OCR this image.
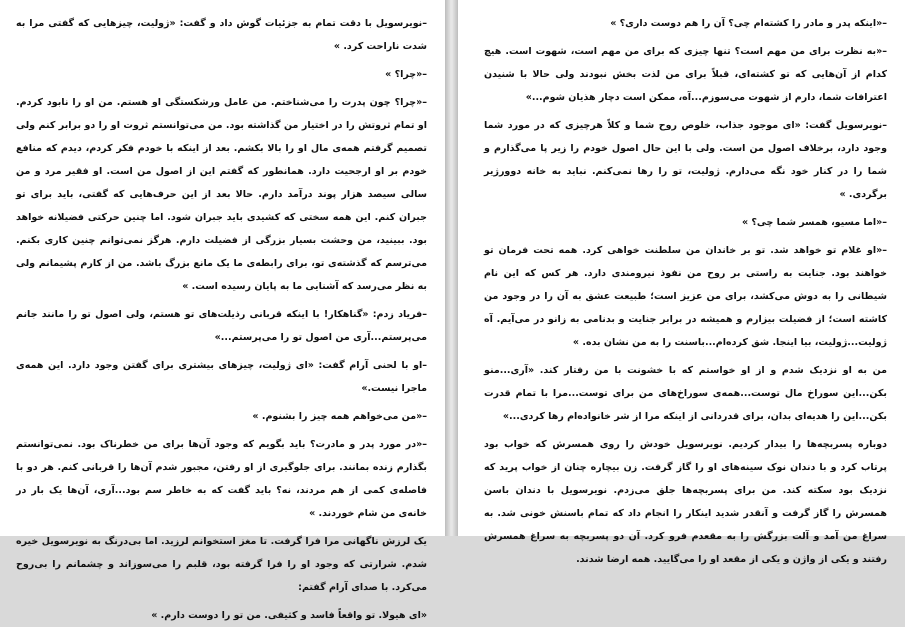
–نویرسویل با دقت تمام به جزئیات گوش داد و گفت: «ژولیت، چیزهایی که گفتی مرا به شدت ناراحت کرد. »

–«چرا؟ »

–«چرا؟ چون پدرت را می‌شناختم. من عامل ورشکستگی او هستم. من او را نابود کردم. او تمام ثروتش را در اختیار من گذاشته بود. من می‌توانستم ثروت او را دو برابر کنم ولی تصمیم گرفتم همه‌ی مال او را بالا بکشم. بعد از اینکه با خودم فکر کردم، دیدم که منافع خودم بر او ارجحیت دارد. همانطور که گفتم این از اصول من است. او فقیر مرد و من سالی سیصد هزار پوند درآمد دارم. حالا بعد از این حرف‌هایی که گفتی، باید برای تو جبران کنم. این همه سختی که کشیدی باید جبران شود. اما چنین حرکتی فضیلانه خواهد بود. ببینید، من وحشت بسیار بزرگی از فضیلت دارم. هرگز نمی‌توانم چنین کاری بکنم. می‌ترسم که گذشته‌ی تو، برای رابطه‌ی ما یک مانع بزرگ باشد. من از کارم پشیمانم ولی به نظر می‌رسد که آشنایی ما به پایان رسیده است. »

–فریاد زدم: «گناهکار! با اینکه قربانی رذیلت‌های تو هستم، ولی اصول تو را مانند جانم می‌پرستم...آری من اصول تو را می‌پرستم...»

–او با لحنی آرام گفت: «ای ژولیت، چیزهای بیشتری برای گفتن وجود دارد. این همه‌ی ماجرا نیست.»

–«من می‌خواهم همه چیز را بشنوم. »

–«در مورد پدر و مادرت؟ باید بگویم که وجود آن‌ها برای من خطرناک بود. نمی‌توانستم بگذارم زنده بمانند. برای جلوگیری از او رفتن، مجبور شدم آن‌ها را قربانی کنم. هر دو با فاصله‌ی کمی از هم مردند، نه؟ باید گفت که به خاطر سم بود...آری، آن‌ها یک بار در خانه‌ی من شام خوردند. »

یک لرزش ناگهانی مرا فرا گرفت. تا مغز استخوانم لرزید. اما بی‌درنگ به نویرسویل خیره شدم. شرارتی که وجود او را فرا گرفته بود، قلبم را می‌سوزاند و چشمانم را بی‌روح می‌کرد. با صدای آرام گفتم:

«ای هیولا. تو واقعاً فاسد و کثیفی. من تو را دوست دارم. »

–«اینکه پدر و مادر را کشته‌ام چی؟ آن را هم دوست داری؟ »

–«به نظرت برای من مهم است؟ تنها چیزی که برای من مهم است، شهوت است. هیچ کدام از آن‌هایی که تو کشته‌ای، قبلاً برای من لذت بخش نبودند ولی حالا با شنیدن اعترافات شما، دارم از شهوت می‌سوزم...آه، ممکن است دچار هذیان شوم...»

–نویرسویل گفت: «ای موجود جذاب، خلوص روح شما و کلاً هرچیزی که در مورد شما وجود دارد، برخلاف اصول من است. ولی با این حال اصول خودم را زیر پا می‌گذارم و شما را در کنار خود نگه می‌دارم. ژولیت، تو را رها نمی‌کنم. نباید به خانه دوورژیر برگردی. »

–«اما مسیو، همسر شما چی؟ »

–«او غلام تو خواهد شد. تو بر خاندان من سلطنت خواهی کرد. همه تحت فرمان تو خواهند بود. جنایت به راستی بر روح من نفوذ نیرومندی دارد. هر کس که این نام شیطانی را به دوش می‌کشد، برای من عزیز است؛ طبیعت عشق به آن را در وجود من کاشته است؛ از فضیلت بیزارم و همیشه در برابر جنایت و بدنامی به زانو در می‌آیم. آه ژولیت...ژولیت، بیا اینجا. شق کرده‌ام...باسنت را به من نشان بده. »

من به او نزدیک شدم و از او خواستم که با خشونت با من رفتار کند. «آری...منو بکن...این سوراخ مال توست...همه‌ی سوراخ‌های من برای توست...مرا با تمام قدرت بکن...این را هدیه‌ای بدان، برای قدردانی از اینکه مرا از شر خانواده‌ام رها کردی...»

دوباره پسربچه‌ها را بیدار کردیم. نویرسویل خودش را روی همسرش که خواب بود پرتاب کرد و با دندان نوک سینه‌های او را گاز گرفت. زن بیچاره چنان از خواب پرید که نزدیک بود سکته کند. من برای پسربچه‌ها جلق می‌زدم. نویرسویل با دندان باسن همسرش را گاز گرفت و آنقدر شدید اینکار را انجام داد که تمام باسنش خونی شد. به سراغ من آمد و آلت بزرگش را به مقعدم فرو کرد. آن دو پسربچه به سراغ همسرش رفتند و یکی از واژن و یکی از مقعد او را می‌گایید. همه ارضا شدند.
